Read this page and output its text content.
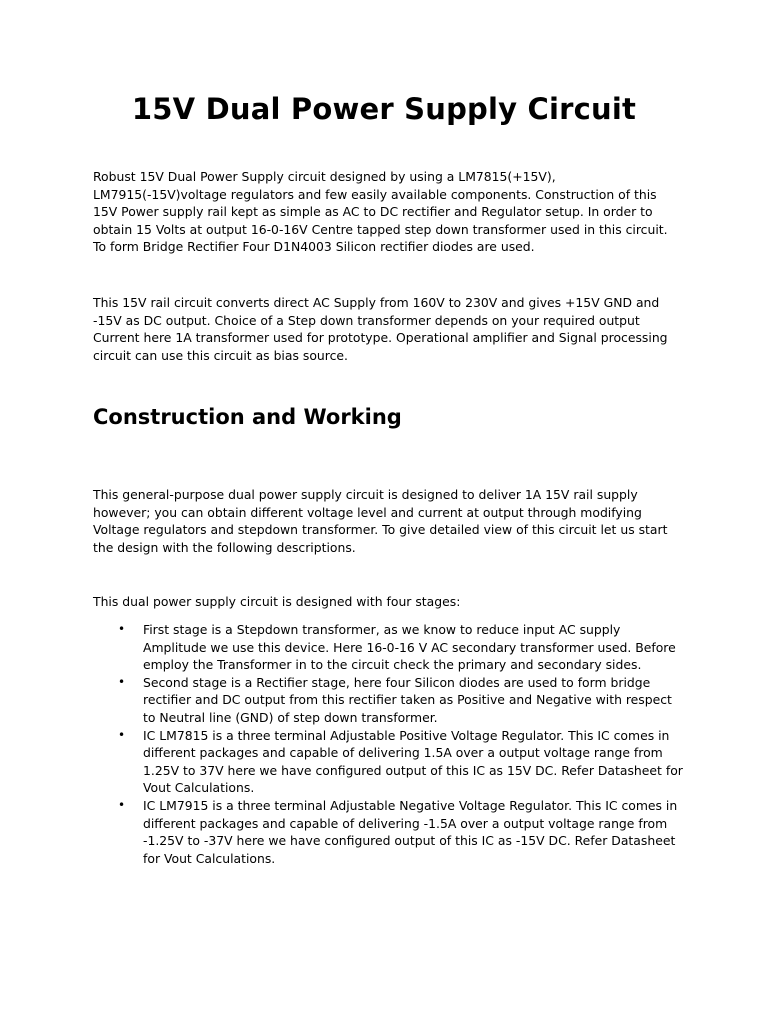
15V Dual Power Supply Circuit

Robust 15V Dual Power Supply circuit designed by using a LM7815(+15V), LM7915(-15V)voltage regulators and few easily available components. Construction of this 15V Power supply rail kept as simple as AC to DC rectifier and Regulator setup. In order to obtain 15 Volts at output 16-0-16V Centre tapped step down transformer used in this circuit. To form Bridge Rectifier Four D1N4003 Silicon rectifier diodes are used.

This 15V rail circuit converts direct AC Supply from 160V to 230V and gives +15V GND and -15V as DC output. Choice of a Step down transformer depends on your required output Current here 1A transformer used for prototype. Operational amplifier and Signal processing circuit can use this circuit as bias source.

Construction and Working

This general-purpose dual power supply circuit is designed to deliver 1A 15V rail supply however; you can obtain different voltage level and current at output through modifying Voltage regulators and stepdown transformer. To give detailed view of this circuit let us start the design with the following descriptions.

This dual power supply circuit is designed with four stages:

• First stage is a Stepdown transformer, as we know to reduce input AC supply Amplitude we use this device. Here 16-0-16 V AC secondary transformer used. Before employ the Transformer in to the circuit check the primary and secondary sides.
• Second stage is a Rectifier stage, here four Silicon diodes are used to form bridge rectifier and DC output from this rectifier taken as Positive and Negative with respect to Neutral line (GND) of step down transformer.
• IC LM7815 is a three terminal Adjustable Positive Voltage Regulator. This IC comes in different packages and capable of delivering 1.5A over a output voltage range from 1.25V to 37V here we have configured output of this IC as 15V DC. Refer Datasheet for Vout Calculations.
• IC LM7915 is a three terminal Adjustable Negative Voltage Regulator. This IC comes in different packages and capable of delivering -1.5A over a output voltage range from -1.25V to -37V here we have configured output of this IC as -15V DC. Refer Datasheet for Vout Calculations.
